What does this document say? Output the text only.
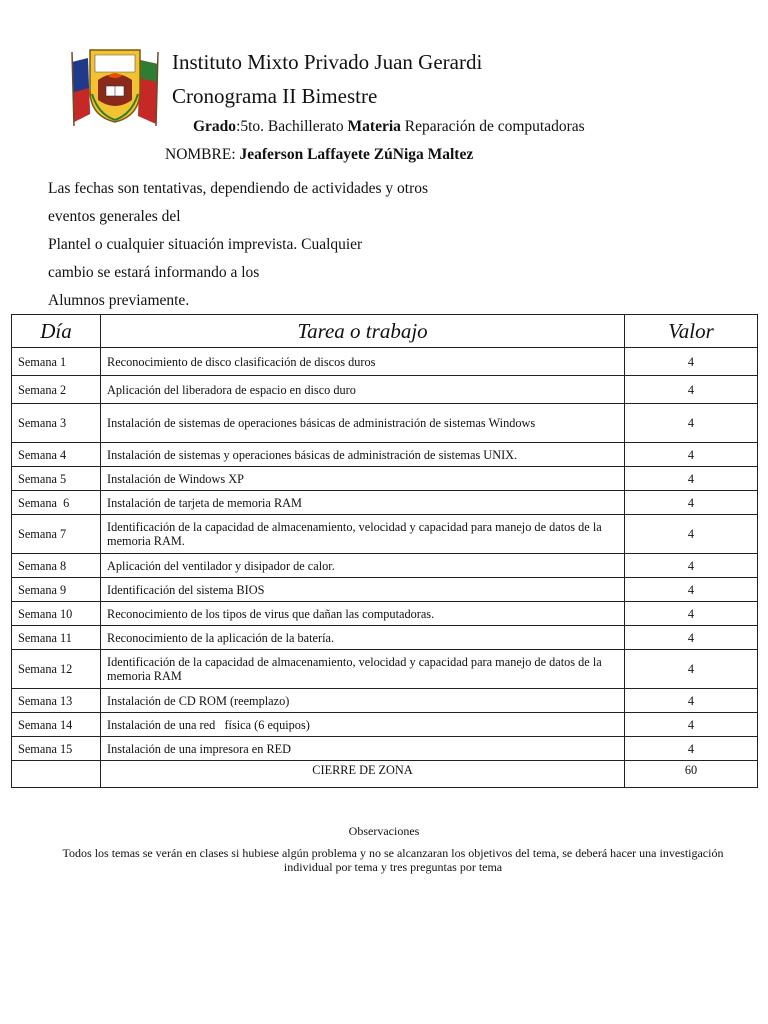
Instituto Mixto Privado Juan Gerardi
Cronograma II Bimestre
Grado:5to. Bachillerato Materia Reparación de computadoras
NOMBRE: Jeaferson Laffayete ZúNiga Maltez
Las fechas son tentativas, dependiendo de actividades y otros
eventos generales del
Plantel o cualquier situación imprevista. Cualquier
cambio se estará informando a los
Alumnos previamente.
Día	Tarea o trabajo	Valor
Semana 1	Reconocimiento de disco clasificación de discos duros	4
Semana 2	Aplicación del liberadora de espacio en disco duro	4
Semana 3	Instalación de sistemas de operaciones básicas de administración de sistemas Windows	4
Semana 4	Instalación de sistemas y operaciones básicas de administración de sistemas UNIX.	4
Semana 5	Instalación de Windows XP	4
Semana  6	Instalación de tarjeta de memoria RAM	4
Semana 7	Identificación de la capacidad de almacenamiento, velocidad y capacidad para manejo de datos de la memoria RAM.	4
Semana 8	Aplicación del ventilador y disipador de calor.	4
Semana 9	Identificación del sistema BIOS	4
Semana 10	Reconocimiento de los tipos de virus que dañan las computadoras.	4
Semana 11	Reconocimiento de la aplicación de la batería.	4
Semana 12	Identificación de la capacidad de almacenamiento, velocidad y capacidad para manejo de datos de la memoria RAM	4
Semana 13	Instalación de CD ROM (reemplazo)	4
Semana 14	Instalación de una red   física (6 equipos)	4
Semana 15	Instalación de una impresora en RED	4
	CIERRE DE ZONA	60
Observaciones
Todos los temas se verán en clases si hubiese algún problema y no se alcanzaran los objetivos del tema, se deberá hacer una investigación individual por tema y tres preguntas por tema
